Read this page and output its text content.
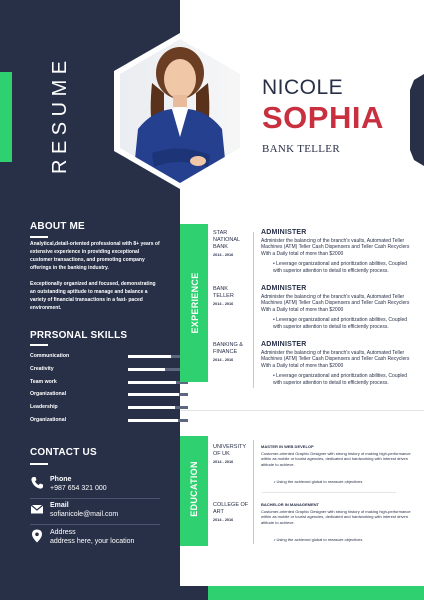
RESUME	NICOLE
SOPHIA
BANK TELLER
ABOUT ME
Analytical,detail-oriented professional with 8+ years of extensive experience in providing exceptional customer transactions, and promoting company offerings in the banking industry.
Exceptionally organized and focused, demonstrating an outstanding aptitude to manage and balance a variety of financial transactions in a fast- paced environment.
PRRSONAL SKILLS
Communication
Creativity
Team work
Organizational
Leadership
Organizational
CONTACT US
Phone
+987 654 321 000
Email
sofianicole@mail.com
Address
address here, your location
EXPERIENCE
STAR
NATIONAL
BANK
2014 - 2016
ADMINISTER
Administer the balancing of the branch's vaults, Automated Teller Machines (ATM) Teller Cash Dispensers and Teller Cash Recyclers With a Daily total of more than $2000
• Leverage organizational and prioritization abilities, Coupled with superior attention to detail to efficiently process.
BANK
TELLER
2014 - 2016
ADMINISTER
Administer the balancing of the branch's vaults, Automated Teller Machines (ATM) Teller Cash Dispensers and Teller Cash Recyclers With a Daily total of more than $2000
• Leverage organizational and prioritization abilities, Coupled with superior attention to detail to efficiently process.
BANKING &
FINANCE
2014 - 2016
ADMINISTER
Administer the balancing of the branch's vaults, Automated Teller Machines (ATM) Teller Cash Dispensers and Teller Cash Recyclers With a Daily total of more than $2000
• Leverage organizational and prioritization abilities, Coupled with superior attention to detail to efficiently process.
EDUCATION
UNIVERSITY
OF UK
2014 - 2016
MASTER IN WEB DEVELOP
Customer-oriented Graphic Designer with strong history of making high-performance within as mobile or tourist agencies, dedicated and hardworking with interest driven attitude to achieve.
• Using the achieved global to measure objectives
COLLEGE OF
ART
2014 - 2016
BACHELOR IN MANAGEMENT
Customer-oriented Graphic Designer with strong history of making high-performance within as mobile or tourist agencies, dedicated and hardworking with interest driven attitude to achieve.
• Using the achieved global to measure objectives
